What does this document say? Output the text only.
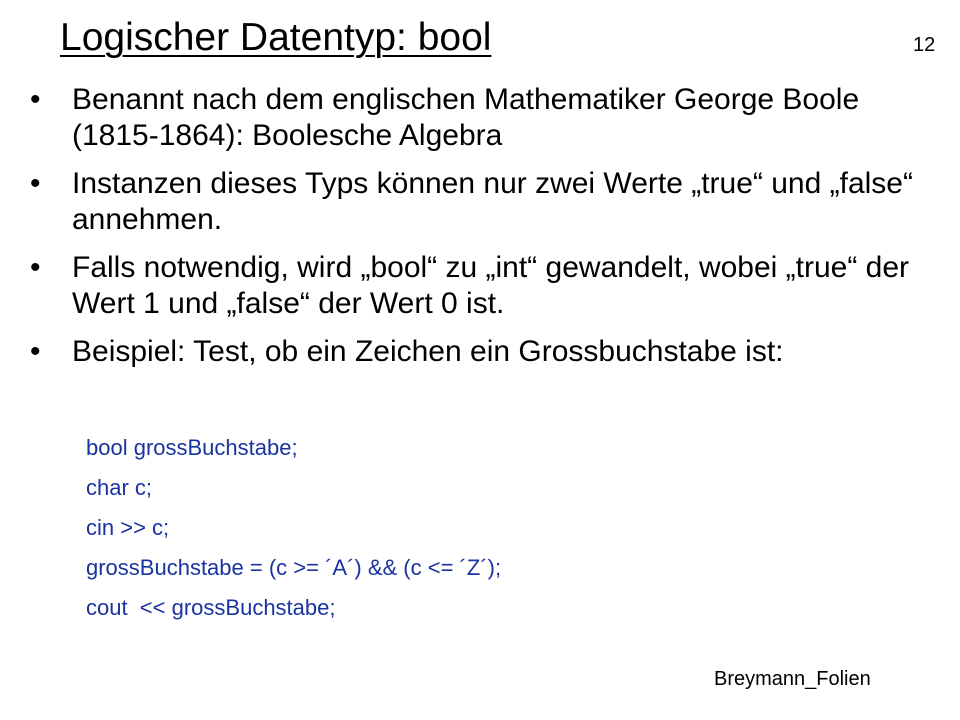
Logischer Datentyp: bool	12
•	Benannt nach dem englischen Mathematiker George Boole (1815-1864): Boolesche Algebra
•	Instanzen dieses Typs können nur zwei Werte „true“ und „false“ annehmen.
•	Falls notwendig, wird „bool“ zu „int“ gewandelt, wobei „true“ der Wert 1 und „false“ der Wert 0 ist.
•	Beispiel: Test, ob ein Zeichen ein Grossbuchstabe ist:
bool grossBuchstabe;
char c;
cin >> c;
grossBuchstabe = (c >= ´A´) && (c <= ´Z´);
cout  << grossBuchstabe;
Breymann_Folien
